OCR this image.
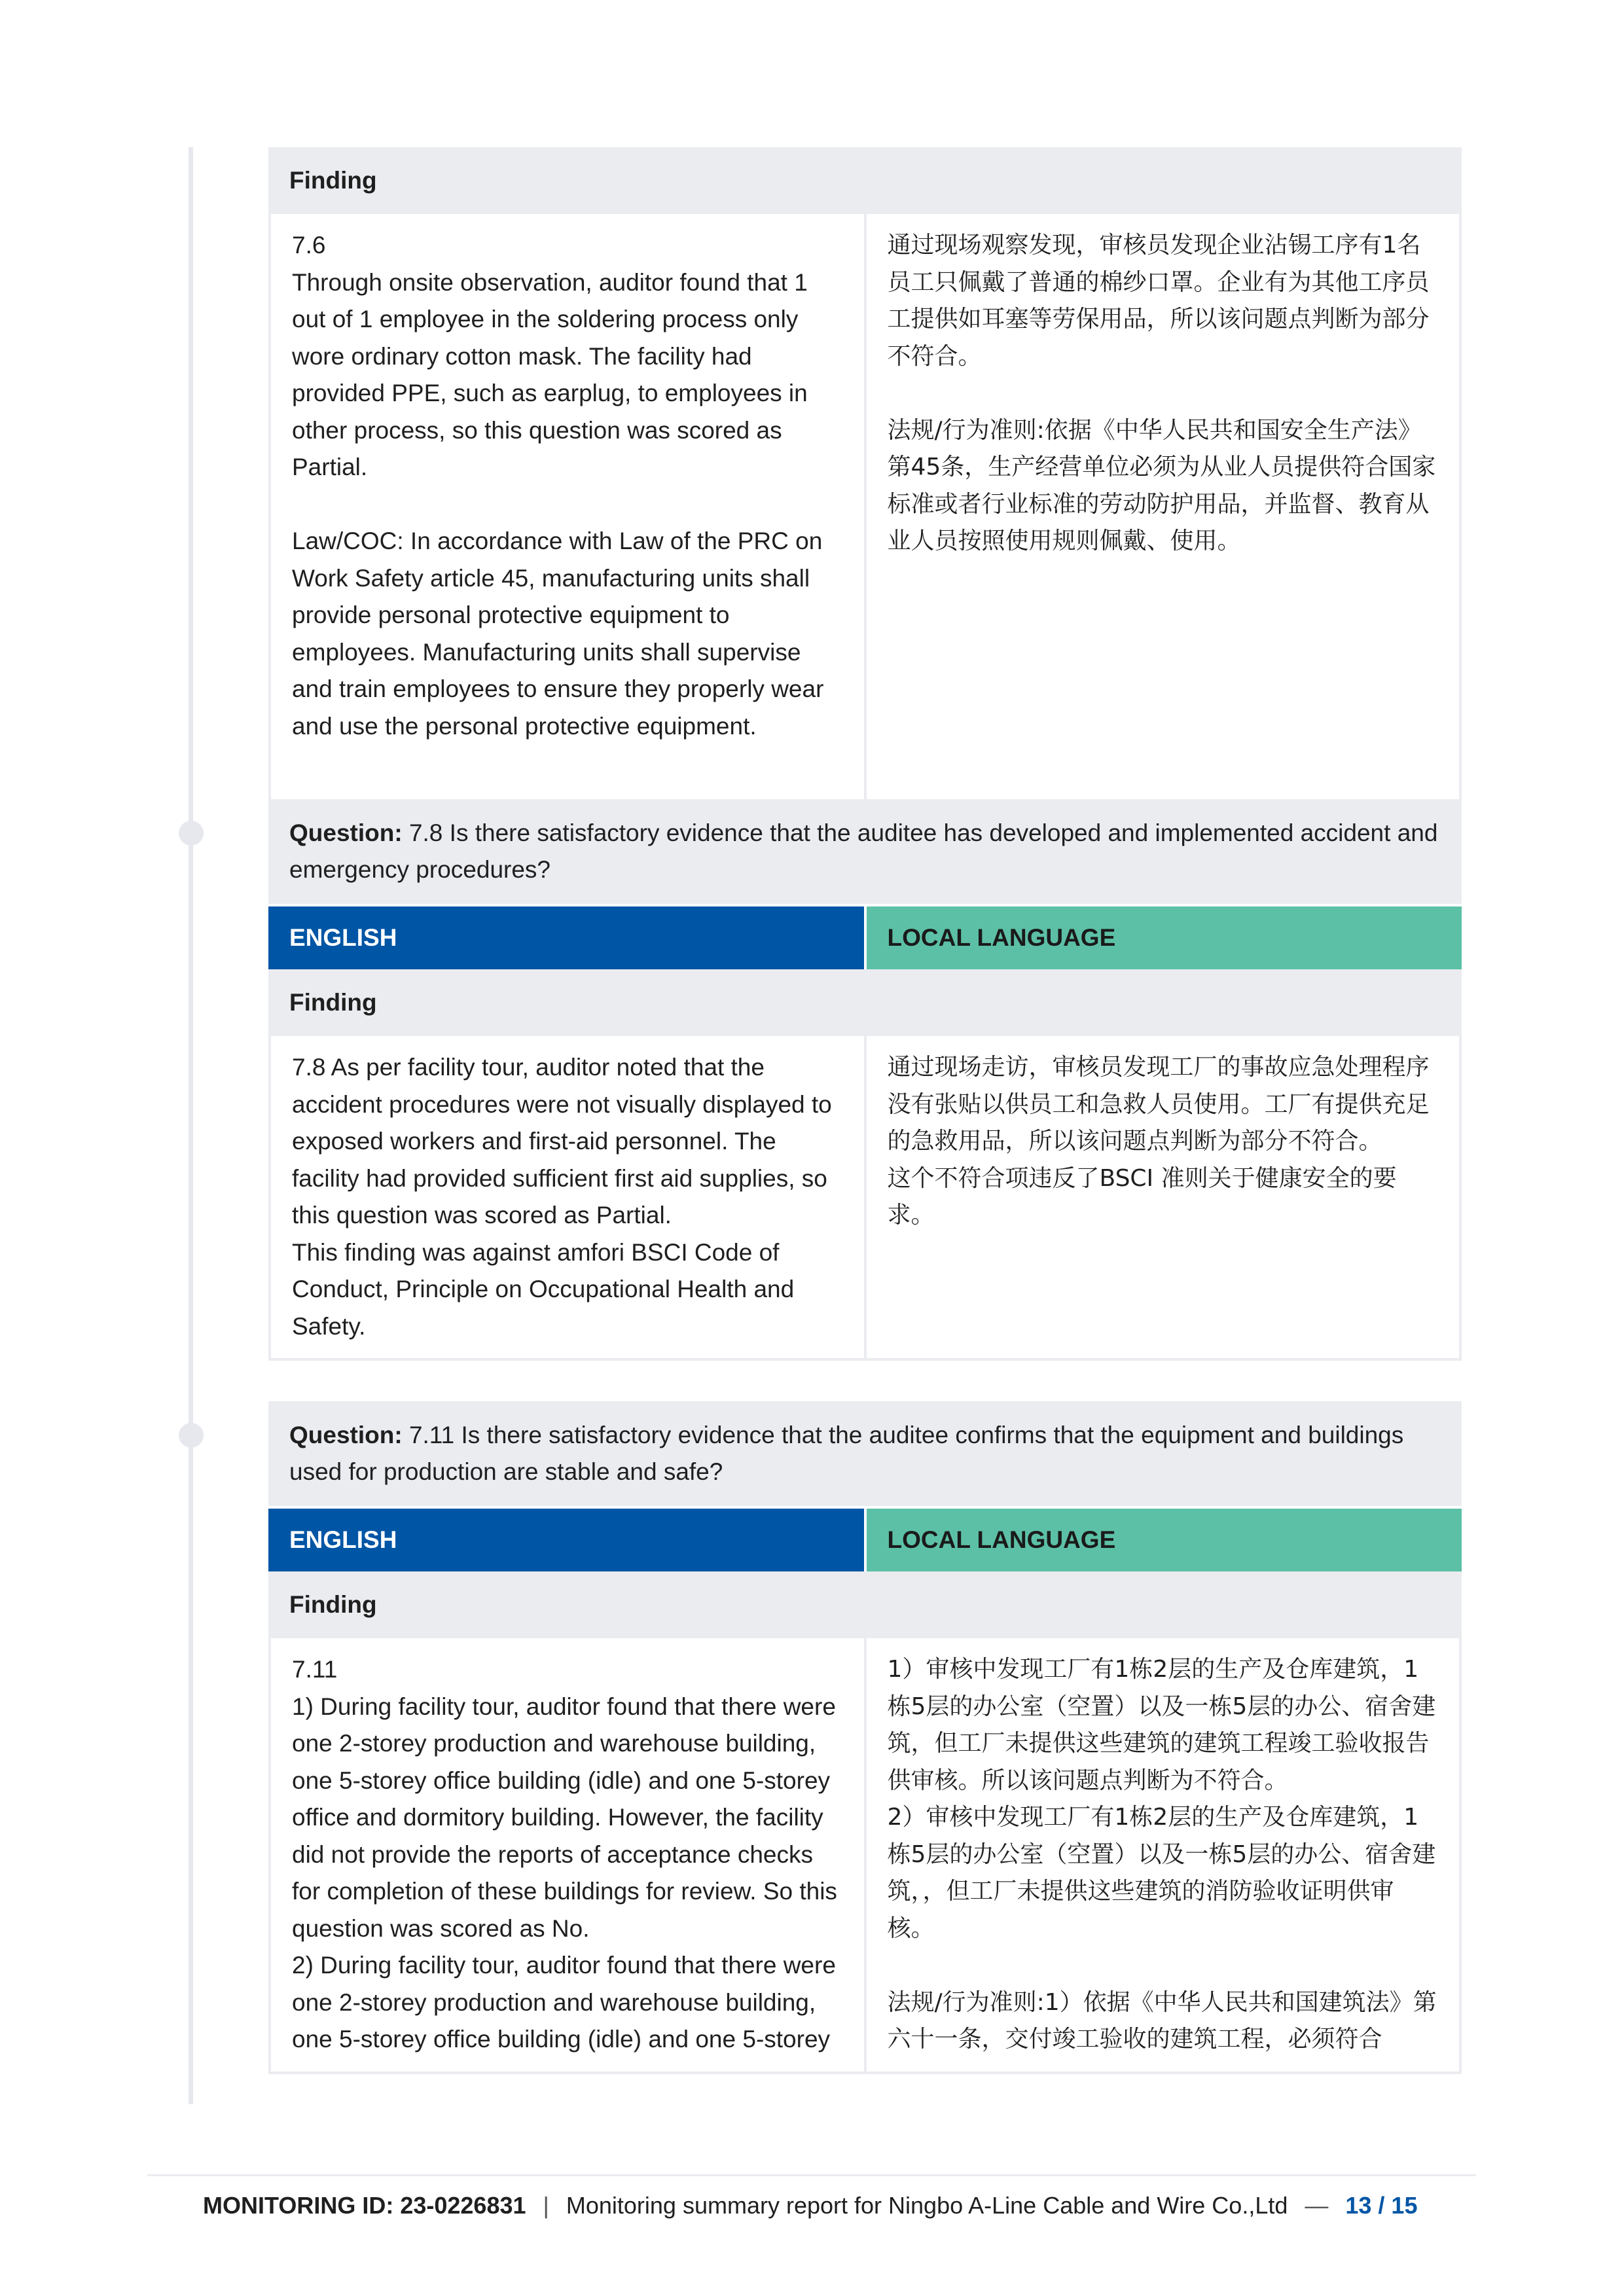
Finding
7.6
Through onsite observation, auditor found that 1 out of 1 employee in the soldering process only wore ordinary cotton mask. The facility had provided PPE, such as earplug, to employees in other process, so this question was scored as Partial.

Law/COC: In accordance with Law of the PRC on Work Safety article 45, manufacturing units shall provide personal protective equipment to employees. Manufacturing units shall supervise and train employees to ensure they properly wear and use the personal protective equipment.
通过现场观察发现，审核员发现企业沾锡工序有1名员工只佩戴了普通的棉纱口罩。企业有为其他工序员工提供如耳塞等劳保用品，所以该问题点判断为部分不符合。

法规/行为准则:依据《中华人民共和国安全生产法》第45条，生产经营单位必须为从业人员提供符合国家标准或者行业标准的劳动防护用品，并监督、教育从业人员按照使用规则佩戴、使用。
Question: 7.8 Is there satisfactory evidence that the auditee has developed and implemented accident and emergency procedures?
ENGLISH	LOCAL LANGUAGE
Finding
7.8 As per facility tour, auditor noted that the accident procedures were not visually displayed to exposed workers and first-aid personnel. The facility had provided sufficient first aid supplies, so this question was scored as Partial.
This finding was against amfori BSCI Code of Conduct, Principle on Occupational Health and Safety.
通过现场走访，审核员发现工厂的事故应急处理程序没有张贴以供员工和急救人员使用。工厂有提供充足的急救用品，所以该问题点判断为部分不符合。
这个不符合项违反了BSCI 准则关于健康安全的要求。
Question: 7.11 Is there satisfactory evidence that the auditee confirms that the equipment and buildings used for production are stable and safe?
ENGLISH	LOCAL LANGUAGE
Finding
7.11
1) During facility tour, auditor found that there were one 2-storey production and warehouse building, one 5-storey office building (idle) and one 5-storey office and dormitory building. However, the facility did not provide the reports of acceptance checks for completion of these buildings for review. So this question was scored as No.
2) During facility tour, auditor found that there were one 2-storey production and warehouse building, one 5-storey office building (idle) and one 5-storey
1）审核中发现工厂有1栋2层的生产及仓库建筑，1栋5层的办公室（空置）以及一栋5层的办公、宿舍建筑，但工厂未提供这些建筑的建筑工程竣工验收报告供审核。所以该问题点判断为不符合。
2）审核中发现工厂有1栋2层的生产及仓库建筑，1栋5层的办公室（空置）以及一栋5层的办公、宿舍建筑，，但工厂未提供这些建筑的消防验收证明供审核。

法规/行为准则:1）依据《中华人民共和国建筑法》第六十一条，交付竣工验收的建筑工程，必须符合
MONITORING ID: 23-0226831 | Monitoring summary report for Ningbo A-Line Cable and Wire Co.,Ltd — 13 / 15
